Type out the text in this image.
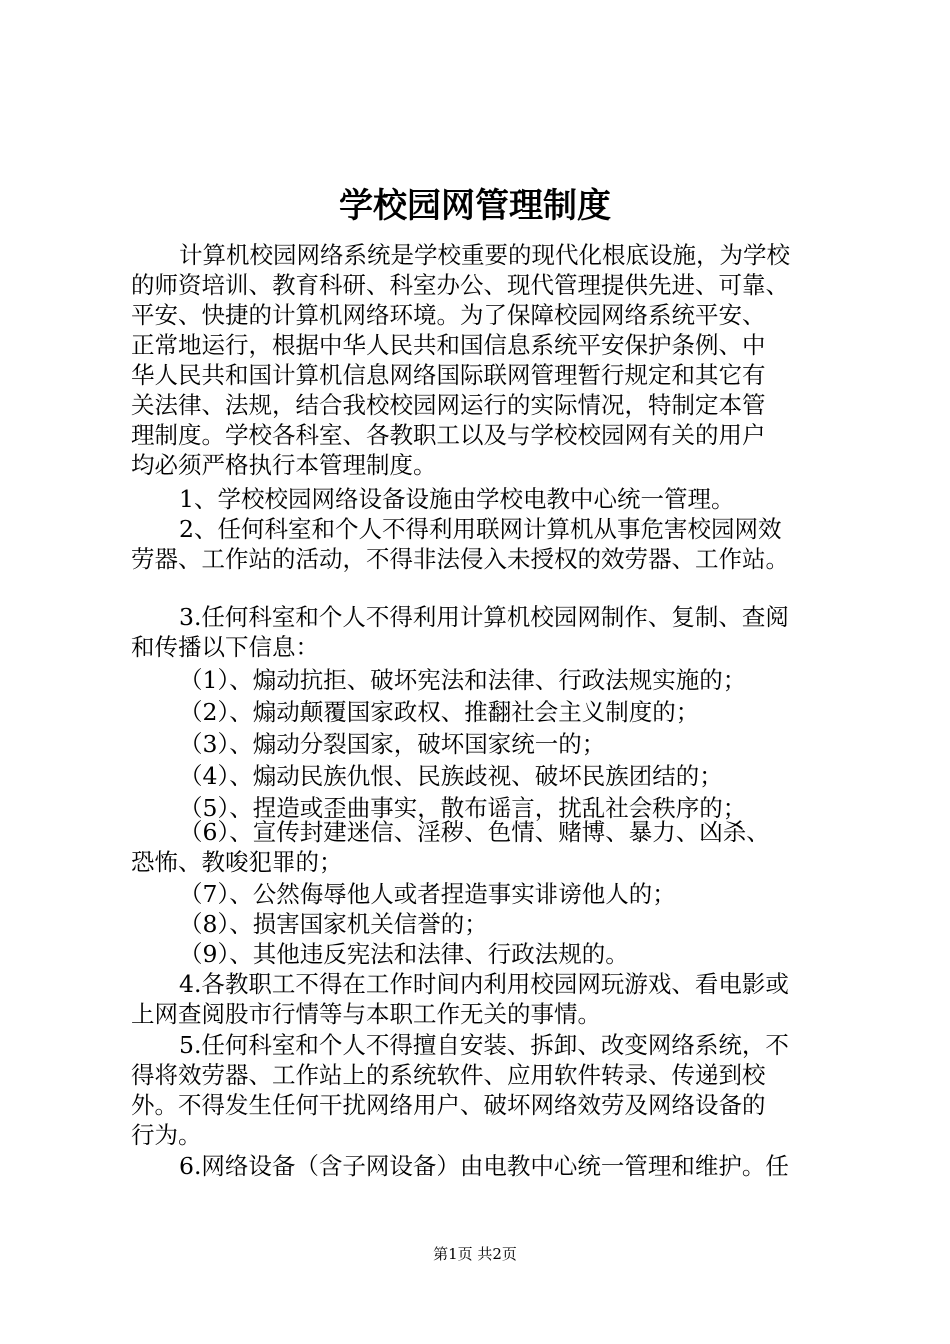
学校园网管理制度

计算机校园网络系统是学校重要的现代化根底设施，为学校

的师资培训、教育科研、科室办公、现代管理提供先进、可靠、

平安、快捷的计算机网络环境。为了保障校园网络系统平安、

正常地运行，根据中华人民共和国信息系统平安保护条例、中

华人民共和国计算机信息网络国际联网管理暂行规定和其它有

关法律、法规，结合我校校园网运行的实际情况，特制定本管

理制度。学校各科室、各教职工以及与学校校园网有关的用户

均必须严格执行本管理制度。

1、学校校园网络设备设施由学校电教中心统一管理。

2、任何科室和个人不得利用联网计算机从事危害校园网效

劳器、工作站的活动，不得非法侵入未授权的效劳器、工作站。

3.任何科室和个人不得利用计算机校园网制作、复制、查阅

和传播以下信息：

（1）、煽动抗拒、破坏宪法和法律、行政法规实施的；

（2）、煽动颠覆国家政权、推翻社会主义制度的；

（3）、煽动分裂国家，破坏国家统一的；

（4）、煽动民族仇恨、民族歧视、破坏民族团结的；

（5）、捏造或歪曲事实，散布谣言，扰乱社会秩序的；

（6）、宣传封建迷信、淫秽、色情、赌博、暴力、凶杀、

恐怖、教唆犯罪的；

（7）、公然侮辱他人或者捏造事实诽谤他人的；

（8）、损害国家机关信誉的；

（9）、其他违反宪法和法律、行政法规的。

4.各教职工不得在工作时间内利用校园网玩游戏、看电影或

上网查阅股市行情等与本职工作无关的事情。

5.任何科室和个人不得擅自安装、拆卸、改变网络系统，不

得将效劳器、工作站上的系统软件、应用软件转录、传递到校

外。不得发生任何干扰网络用户、破坏网络效劳及网络设备的

行为。

6.网络设备（含子网设备）由电教中心统一管理和维护。任

第1页 共2页
